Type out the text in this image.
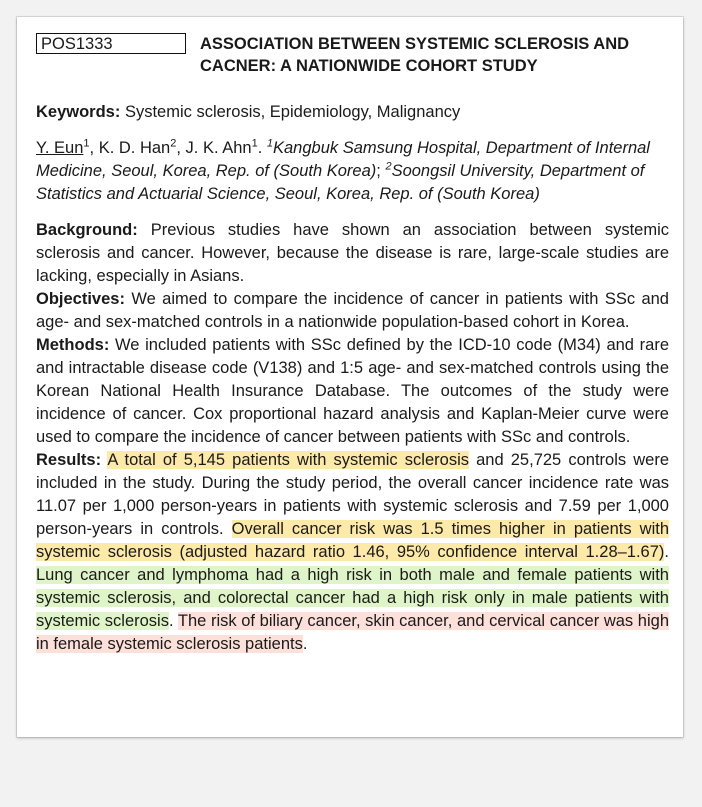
POS1333	ASSOCIATION BETWEEN SYSTEMIC SCLEROSIS AND CACNER: A NATIONWIDE COHORT STUDY

Keywords: Systemic sclerosis, Epidemiology, Malignancy

Y. Eun$^1$, K. D. Han$^2$, J. K. Ahn$^1$. $^1$Kangbuk Samsung Hospital, Department of Internal Medicine, Seoul, Korea, Rep. of (South Korea); $^2$Soongsil University, Department of Statistics and Actuarial Science, Seoul, Korea, Rep. of (South Korea)

Background: Previous studies have shown an association between systemic sclerosis and cancer. However, because the disease is rare, large-scale studies are lacking, especially in Asians.

Objectives: We aimed to compare the incidence of cancer in patients with SSc and age- and sex-matched controls in a nationwide population-based cohort in Korea.

Methods: We included patients with SSc defined by the ICD-10 code (M34) and rare and intractable disease code (V138) and 1:5 age- and sex-matched controls using the Korean National Health Insurance Database. The outcomes of the study were incidence of cancer. Cox proportional hazard analysis and Kaplan-Meier curve were used to compare the incidence of cancer between patients with SSc and controls.

Results: A total of 5,145 patients with systemic sclerosis and 25,725 controls were included in the study. During the study period, the overall cancer incidence rate was 11.07 per 1,000 person-years in patients with systemic sclerosis and 7.59 per 1,000 person-years in controls. Overall cancer risk was 1.5 times higher in patients with systemic sclerosis (adjusted hazard ratio 1.46, 95% confidence interval 1.28–1.67). Lung cancer and lymphoma had a high risk in both male and female patients with systemic sclerosis, and colorectal cancer had a high risk only in male patients with systemic sclerosis. The risk of biliary cancer, skin cancer, and cervical cancer was high in female systemic sclerosis patients.
